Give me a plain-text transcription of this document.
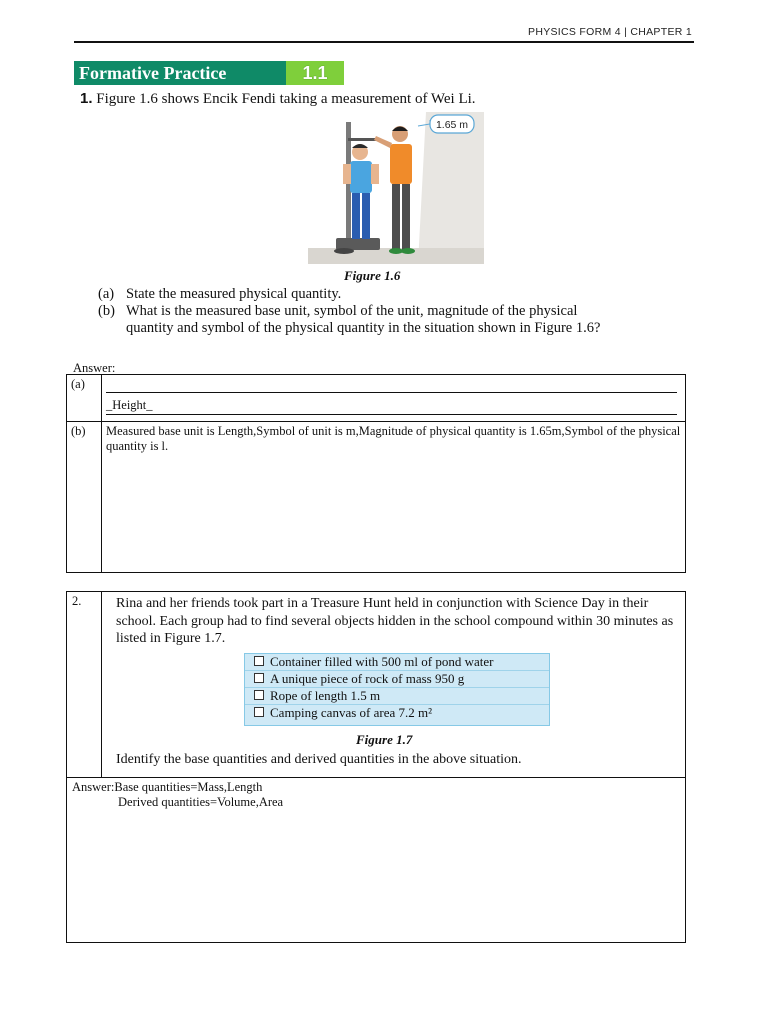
PHYSICS FORM 4 | CHAPTER 1
Formative Practice	1.1
1. Figure 1.6 shows Encik Fendi taking a measurement of Wei Li.
1.65 m
Figure 1.6
(a) State the measured physical quantity.
(b) What is the measured base unit, symbol of the unit, magnitude of the physical
quantity and symbol of the physical quantity in the situation shown in Figure 1.6?
Answer:
(a)	_Height_

(b)	Measured base unit is Length,Symbol of unit is m,Magnitude of physical quantity is 1.65m,Symbol of the physical quantity is l.
2. Rina and her friends took part in a Treasure Hunt held in conjunction with Science Day in their school. Each group had to find several objects hidden in the school compound within 30 minutes as listed in Figure 1.7.
Container filled with 500 ml of pond water
A unique piece of rock of mass 950 g
Rope of length 1.5 m
Camping canvas of area 7.2 m²
Figure 1.7
Identify the base quantities and derived quantities in the above situation.
Answer:Base quantities=Mass,Length
Derived quantities=Volume,Area
